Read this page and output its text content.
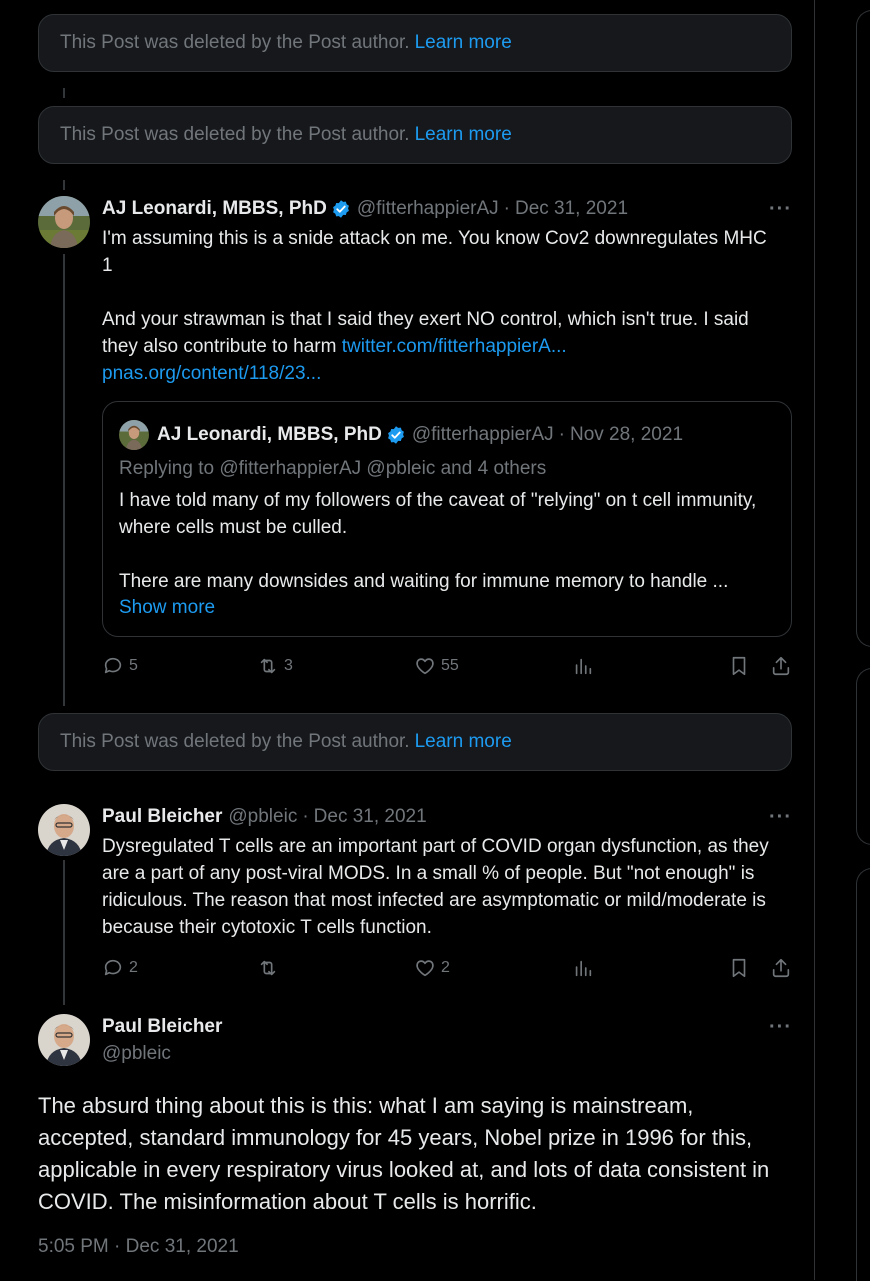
This Post was deleted by the Post author. Learn more
This Post was deleted by the Post author. Learn more
This Post was deleted by the Post author. Learn more
AJ Leonardi, MBBS, PhD @fitterhappierAJ · Dec 31, 2021	···
I'm assuming this is a snide attack on me. You know Cov2 downregulates MHC 1

And your strawman is that I said they exert NO control, which isn't true. I said they also contribute to harm twitter.com/fitterhappierA...
pnas.org/content/118/23...
AJ Leonardi, MBBS, PhD @fitterhappierAJ · Nov 28, 2021
Replying to @fitterhappierAJ @pbleic and 4 others
I have told many of my followers of the caveat of "relying" on t cell immunity, where cells must be culled.

There are many downsides and waiting for immune memory to handle ...
Show more
5	3	55
Paul Bleicher @pbleic · Dec 31, 2021	···
Dysregulated T cells are an important part of COVID organ dysfunction, as they are a part of any post-viral MODS. In a small % of people. But "not enough" is ridiculous. The reason that most infected are asymptomatic or mild/moderate is because their cytotoxic T cells function.
2	2
Paul Bleicher
@pbleic
···
The absurd thing about this is this: what I am saying is mainstream, accepted, standard immunology for 45 years, Nobel prize in 1996 for this, applicable in every respiratory virus looked at, and lots of data consistent in COVID. The misinformation about T cells is horrific.
5:05 PM · Dec 31, 2021
